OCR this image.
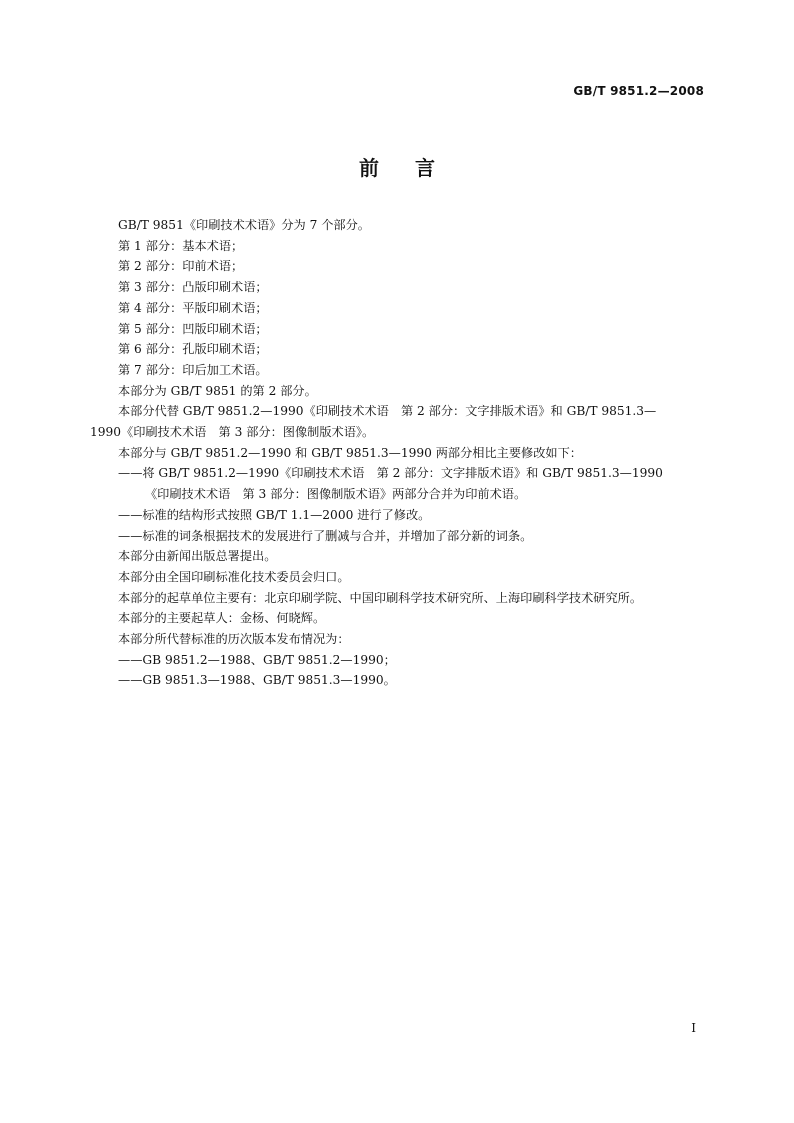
GB/T 9851.2—2008
前言

GB/T 9851《印刷技术术语》分为 7 个部分。

第 1 部分：基本术语；

第 2 部分：印前术语；

第 3 部分：凸版印刷术语；

第 4 部分：平版印刷术语；

第 5 部分：凹版印刷术语；

第 6 部分：孔版印刷术语；

第 7 部分：印后加工术语。

本部分为 GB/T 9851 的第 2 部分。

本部分代替 GB/T 9851.2—1990《印刷技术术语　第 2 部分：文字排版术语》和 GB/T 9851.3—

1990《印刷技术术语　第 3 部分：图像制版术语》。

本部分与 GB/T 9851.2—1990 和 GB/T 9851.3—1990 两部分相比主要修改如下：

——将 GB/T 9851.2—1990《印刷技术术语　第 2 部分：文字排版术语》和 GB/T 9851.3—1990

《印刷技术术语　第 3 部分：图像制版术语》两部分合并为印前术语。

——标准的结构形式按照 GB/T 1.1—2000 进行了修改。

——标准的词条根据技术的发展进行了删减与合并，并增加了部分新的词条。

本部分由新闻出版总署提出。

本部分由全国印刷标准化技术委员会归口。

本部分的起草单位主要有：北京印刷学院、中国印刷科学技术研究所、上海印刷科学技术研究所。

本部分的主要起草人：金杨、何晓辉。

本部分所代替标准的历次版本发布情况为：

——GB 9851.2—1988、GB/T 9851.2—1990；

——GB 9851.3—1988、GB/T 9851.3—1990。

I
